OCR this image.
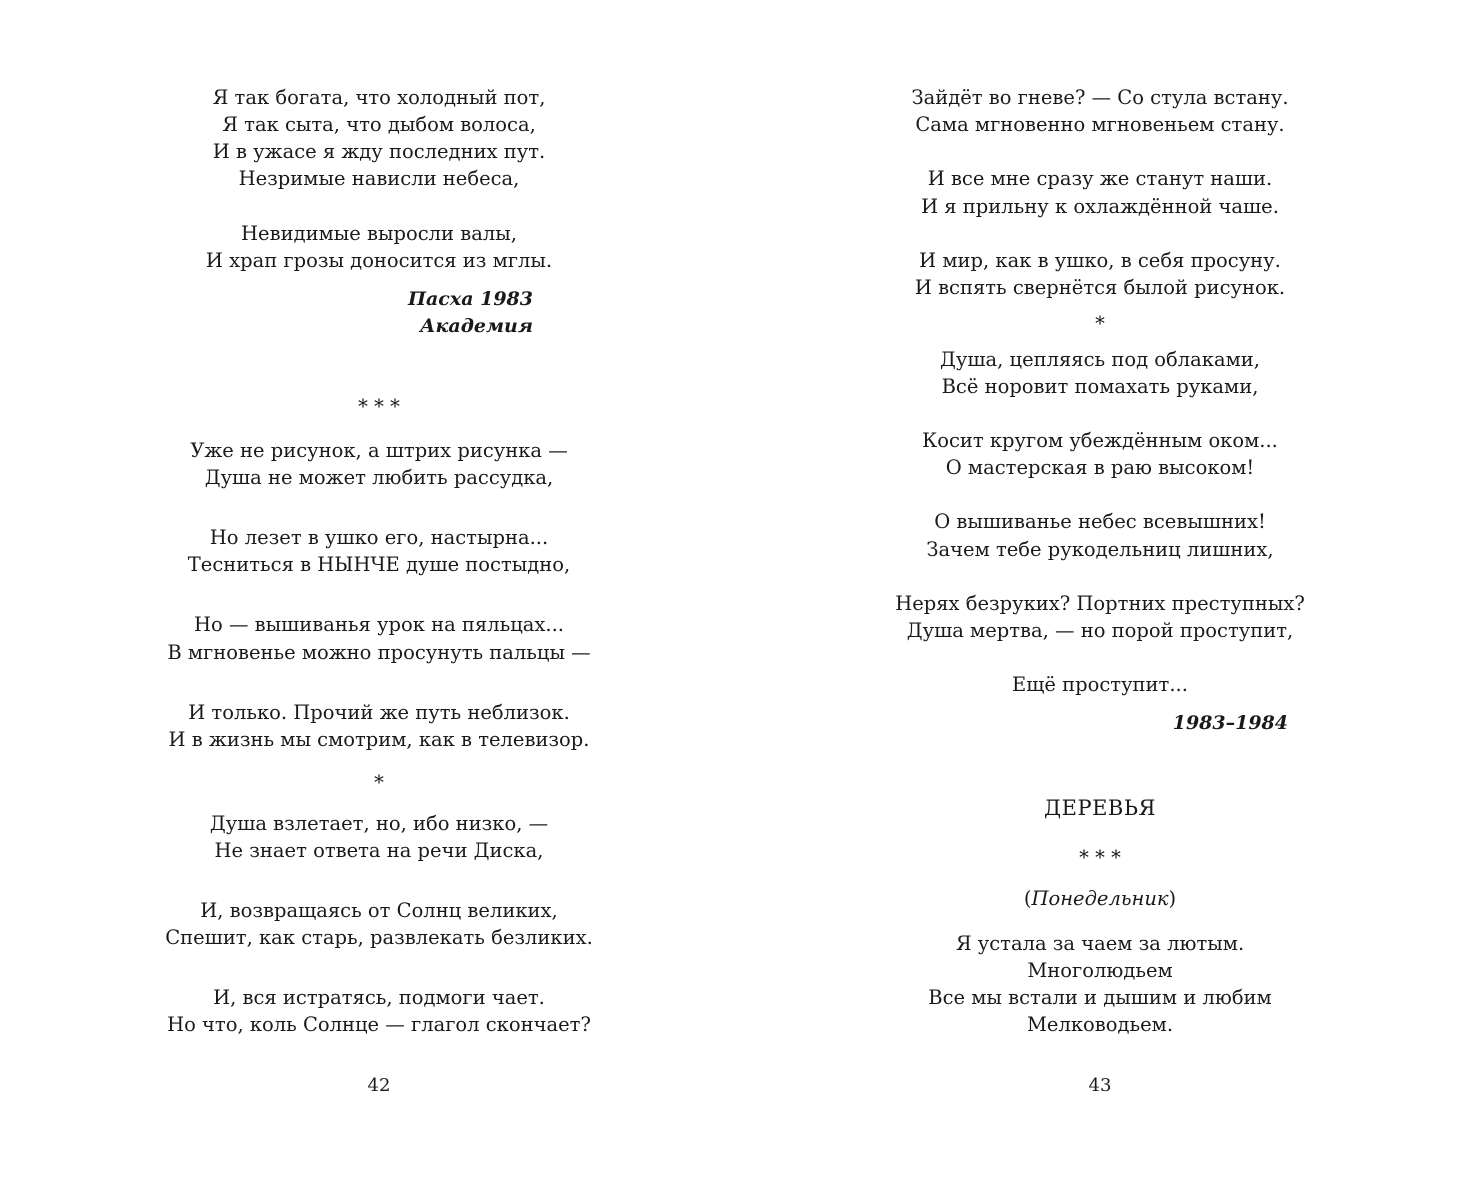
Я так богата, что холодный пот,
Я так сыта, что дыбом волоса,
И в ужасе я жду последних пут.
Незримые нависли небеса,
Невидимые выросли валы,
И храп грозы доносится из мглы.
Пасха 1983
Академия
* * *
Уже не рисунок, а штрих рисунка —
Душа не может любить рассудка,
Но лезет в ушко его, настырна...
Тесниться в НЫНЧЕ душе постыдно,
Но — вышиванья урок на пяльцах...
В мгновенье можно просунуть пальцы —
И только. Прочий же путь неблизок.
И в жизнь мы смотрим, как в телевизор.
*
Душа взлетает, но, ибо низко, —
Не знает ответа на речи Диска,
И, возвращаясь от Солнц великих,
Спешит, как старь, развлекать безликих.
И, вся истратясь, подмоги чает.
Но что, коль Солнце — глагол скончает?
42
Зайдёт во гневе? — Со стула встану.
Сама мгновенно мгновеньем стану.
И все мне сразу же станут наши.
И я прильну к охлаждённой чаше.
И мир, как в ушко, в себя просуну.
И вспять свернётся былой рисунок.
*
Душа, цепляясь под облаками,
Всё норовит помахать руками,
Косит кругом убеждённым оком...
О мастерская в раю высоком!
О вышиванье небес всевышних!
Зачем тебе рукодельниц лишних,
Нерях безруких? Портних преступных?
Душа мертва, — но порой проступит,
Ещё проступит...
1983–1984
ДЕРЕВЬЯ
* * *
(Понедельник)
Я устала за чаем за лютым.
Многолюдьем
Все мы встали и дышим и любим
Мелководьем.
43
